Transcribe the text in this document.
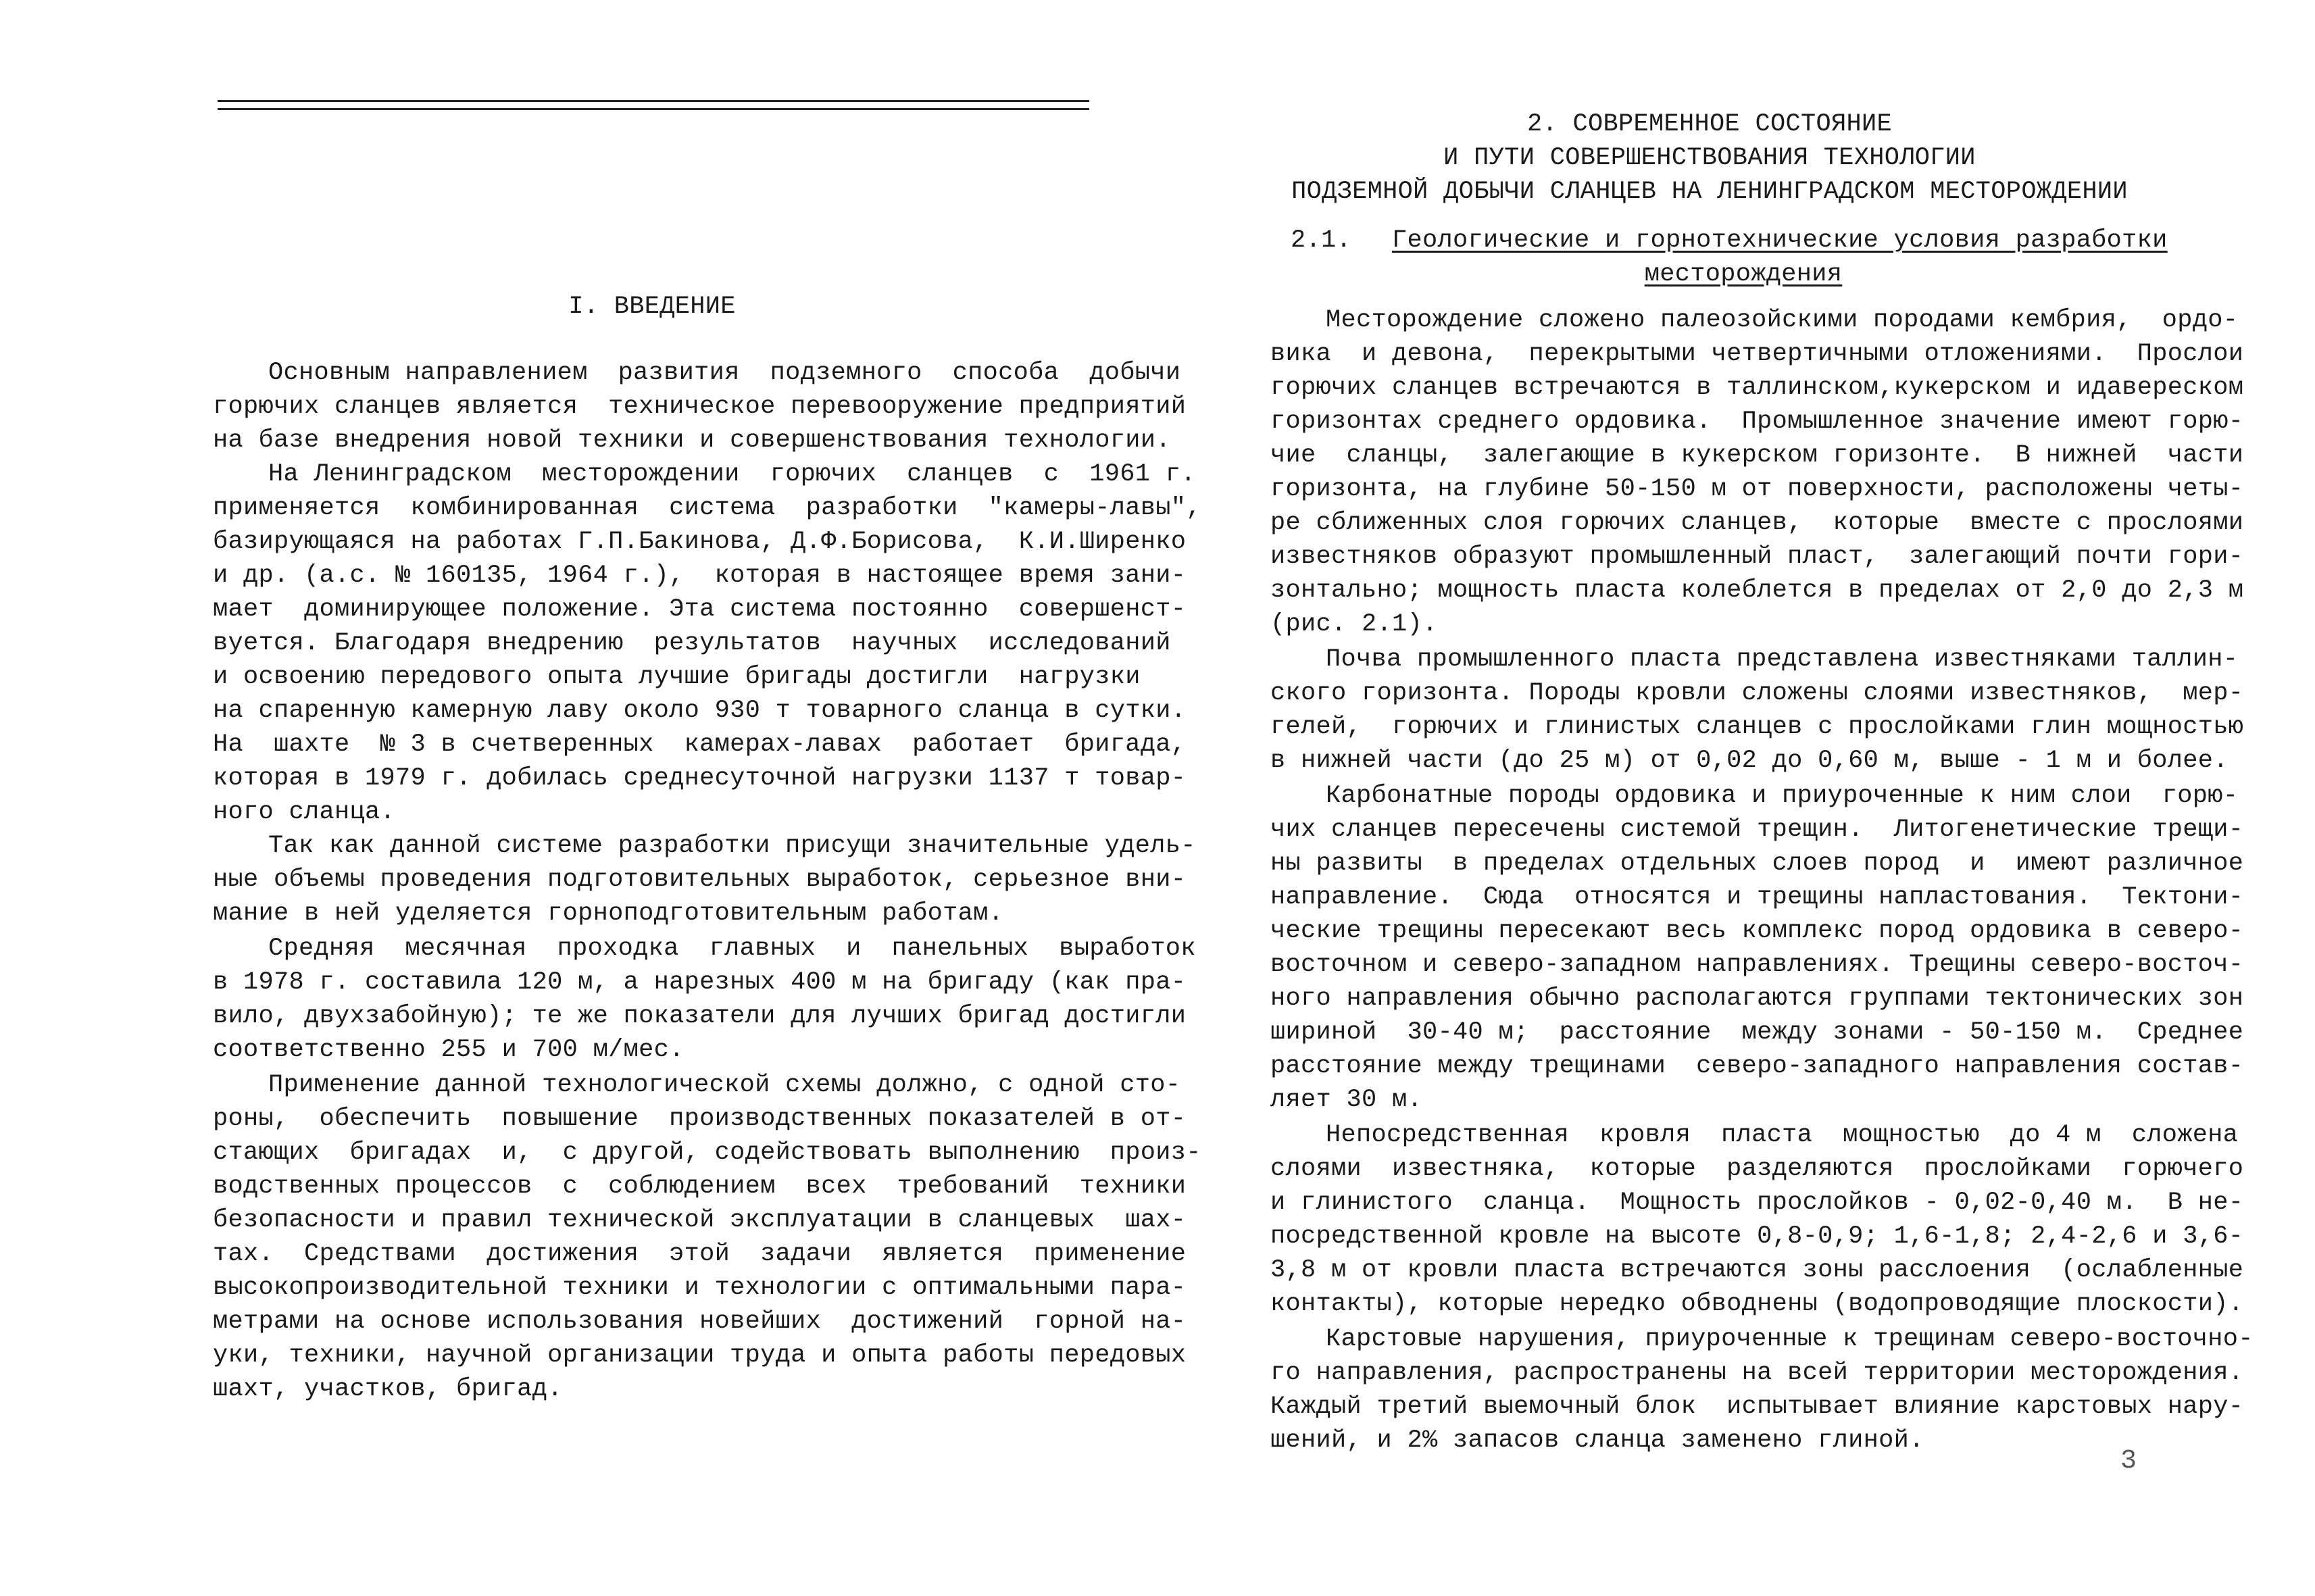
I. ВВЕДЕНИЕ
Основным направлением  развития  подземного  способа  добычи
горючих сланцев является  техническое перевооружение предприятий
на базе внедрения новой техники и совершенствования технологии.
На Ленинградском  месторождении  горючих  сланцев  с  1961 г.
применяется  комбинированная  система  разработки  "камеры-лавы",
базирующаяся на работах Г.П.Бакинова, Д.Ф.Борисова,  К.И.Ширенко
и др. (а.с. № 160135, 1964 г.),  которая в настоящее время зани-
мает  доминирующее положение. Эта система постоянно  совершенст-
вуется. Благодаря внедрению  результатов  научных  исследований
и освоению передового опыта лучшие бригады достигли  нагрузки
на спаренную камерную лаву около 930 т товарного сланца в сутки.
На  шахте  № 3 в счетверенных  камерах-лавах  работает  бригада,
которая в 1979 г. добилась среднесуточной нагрузки 1137 т товар-
ного сланца.
Так как данной системе разработки присущи значительные удель-
ные объемы проведения подготовительных выработок, серьезное вни-
мание в ней уделяется горноподготовительным работам.
Средняя  месячная  проходка  главных  и  панельных  выработок
в 1978 г. составила 120 м, а нарезных 400 м на бригаду (как пра-
вило, двухзабойную); те же показатели для лучших бригад достигли
соответственно 255 и 700 м/мес.
Применение данной технологической схемы должно, с одной сто-
роны,  обеспечить  повышение  производственных показателей в от-
стающих  бригадах  и,  с другой, содействовать выполнению  произ-
водственных процессов  с  соблюдением  всех  требований  техники
безопасности и правил технической эксплуатации в сланцевых  шах-
тах.  Средствами  достижения  этой  задачи  является  применение
высокопроизводительной техники и технологии с оптимальными пара-
метрами на основе использования новейших  достижений  горной на-
уки, техники, научной организации труда и опыта работы передовых
шахт, участков, бригад.
2. СОВРЕМЕННОЕ СОСТОЯНИЕ
И ПУТИ СОВЕРШЕНСТВОВАНИЯ ТЕХНОЛОГИИ
ПОДЗЕМНОЙ ДОБЫЧИ СЛАНЦЕВ НА ЛЕНИНГРАДСКОМ МЕСТОРОЖДЕНИИ
2.1. Геологические и горнотехнические условия разработки
месторождения
Месторождение сложено палеозойскими породами кембрия,  ордо-
вика  и девона,  перекрытыми четвертичными отложениями.  Прослои
горючих сланцев встречаются в таллинском,кукерском и идавереском
горизонтах среднего ордовика.  Промышленное значение имеют горю-
чие  сланцы,  залегающие в кукерском горизонте.  В нижней  части
горизонта, на глубине 50-150 м от поверхности, расположены четы-
ре сближенных слоя горючих сланцев,  которые  вместе с прослоями
известняков образуют промышленный пласт,  залегающий почти гори-
зонтально; мощность пласта колеблется в пределах от 2,0 до 2,3 м
(рис. 2.1).
Почва промышленного пласта представлена известняками таллин-
ского горизонта. Породы кровли сложены слоями известняков,  мер-
гелей,  горючих и глинистых сланцев с прослойками глин мощностью
в нижней части (до 25 м) от 0,02 до 0,60 м, выше - 1 м и более.
Карбонатные породы ордовика и приуроченные к ним слои  горю-
чих сланцев пересечены системой трещин.  Литогенетические трещи-
ны развиты  в пределах отдельных слоев пород  и  имеют различное
направление.  Сюда  относятся и трещины напластования.  Тектони-
ческие трещины пересекают весь комплекс пород ордовика в северо-
восточном и северо-западном направлениях. Трещины северо-восточ-
ного направления обычно располагаются группами тектонических зон
шириной  30-40 м;  расстояние  между зонами - 50-150 м.  Среднее
расстояние между трещинами  северо-западного направления состав-
ляет 30 м.
Непосредственная  кровля  пласта  мощностью  до 4 м  сложена
слоями  известняка,  которые  разделяются  прослойками  горючего
и глинистого  сланца.  Мощность прослойков - 0,02-0,40 м.  В не-
посредственной кровле на высоте 0,8-0,9; 1,6-1,8; 2,4-2,6 и 3,6-
3,8 м от кровли пласта встречаются зоны расслоения  (ослабленные
контакты), которые нередко обводнены (водопроводящие плоскости).
Карстовые нарушения, приуроченные к трещинам северо-восточно-
го направления, распространены на всей территории месторождения.
Каждый третий выемочный блок  испытывает влияние карстовых нару-
шений, и 2% запасов сланца заменено глиной.
3
